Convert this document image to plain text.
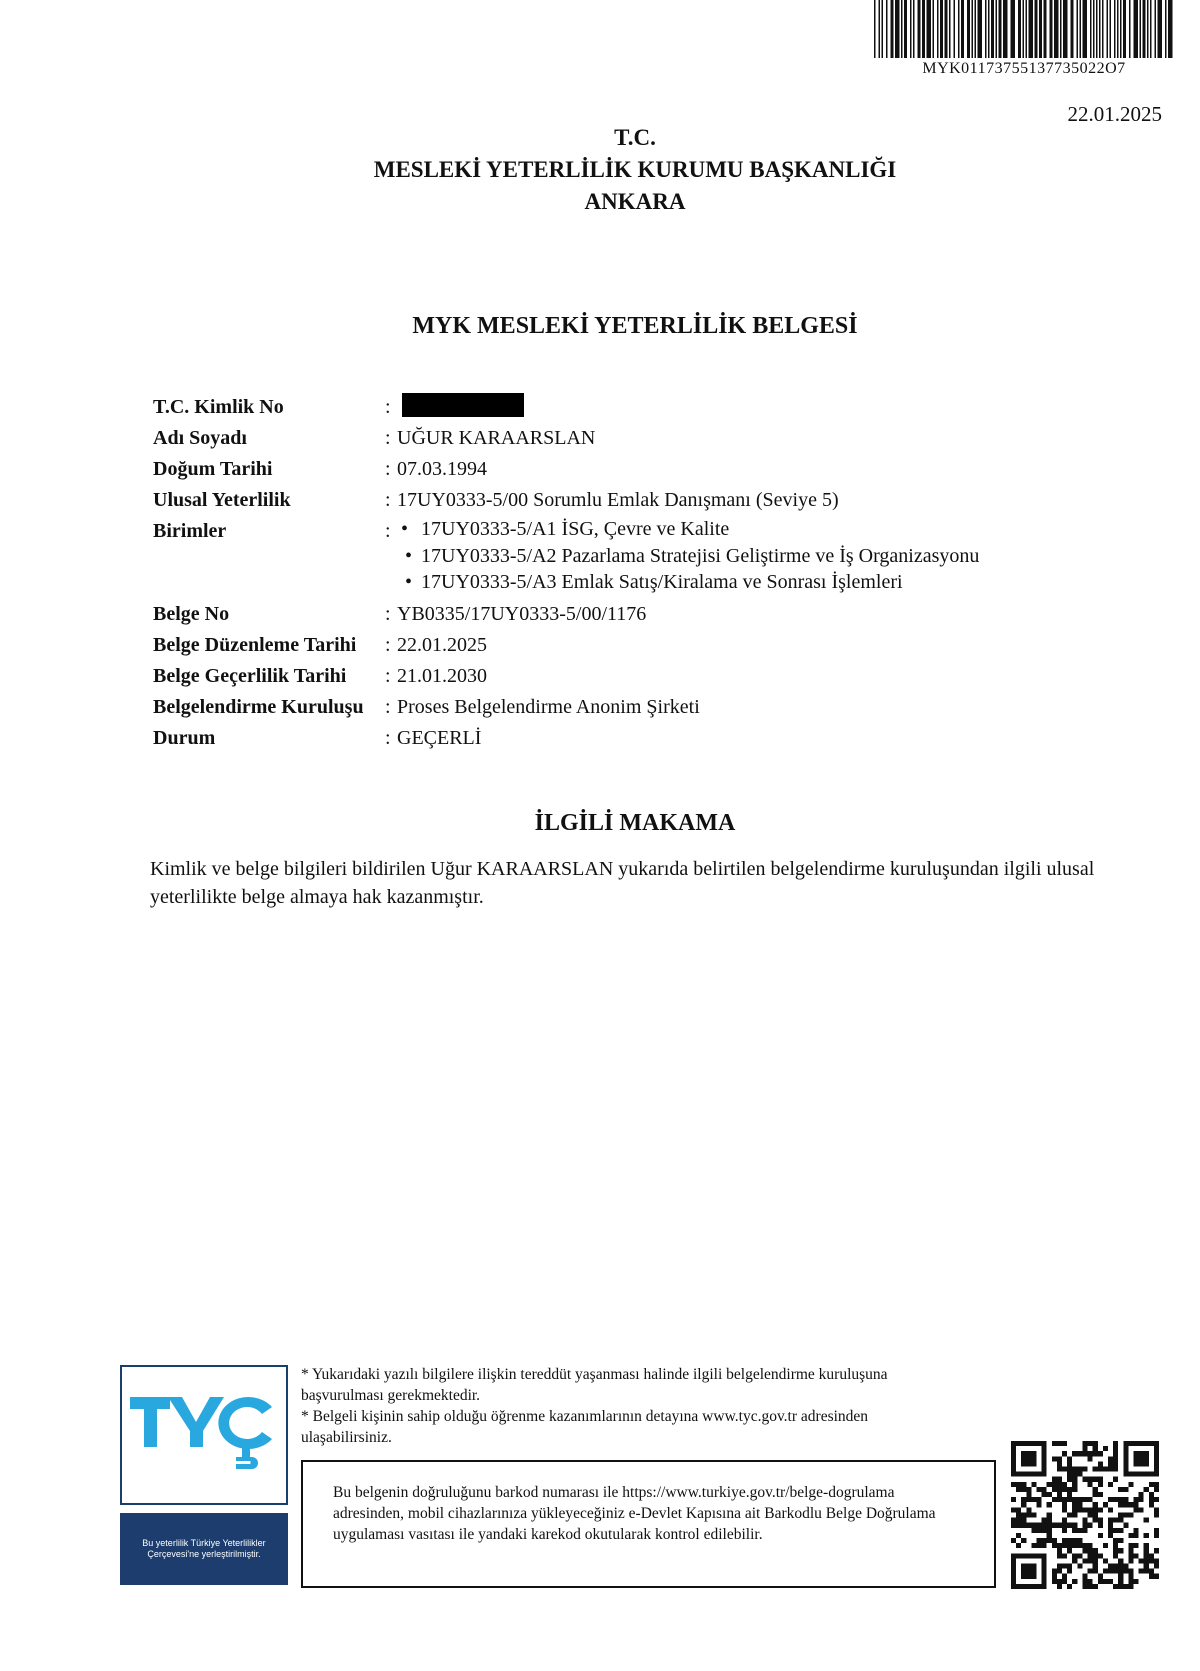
MYK01173755137735022O7
22.01.2025
T.C.
MESLEKİ YETERLİLİK KURUMU BAŞKANLIĞI
ANKARA
MYK MESLEKİ YETERLİLİK BELGESİ
T.C. Kimlik No	:
Adı Soyadı	: UĞUR KARAARSLAN
Doğum Tarihi	: 07.03.1994
Ulusal Yeterlilik	: 17UY0333-5/00 Sorumlu Emlak Danışmanı (Seviye 5)
Birimler	: • 17UY0333-5/A1 İSG, Çevre ve Kalite
• 17UY0333-5/A2 Pazarlama Stratejisi Geliştirme ve İş Organizasyonu
• 17UY0333-5/A3 Emlak Satış/Kiralama ve Sonrası İşlemleri
Belge No	: YB0335/17UY0333-5/00/1176
Belge Düzenleme Tarihi	: 22.01.2025
Belge Geçerlilik Tarihi	: 21.01.2030
Belgelendirme Kuruluşu	: Proses Belgelendirme Anonim Şirketi
Durum	: GEÇERLİ
İLGİLİ MAKAMA
Kimlik ve belge bilgileri bildirilen Uğur KARAARSLAN yukarıda belirtilen belgelendirme kuruluşundan ilgili ulusal yeterlilikte belge almaya hak kazanmıştır.
Bu yeterlilik Türkiye Yeterlilikler Çerçevesi'ne yerleştirilmiştir.
* Yukarıdaki yazılı bilgilere ilişkin tereddüt yaşanması halinde ilgili belgelendirme kuruluşuna başvurulması gerekmektedir.
* Belgeli kişinin sahip olduğu öğrenme kazanımlarının detayına www.tyc.gov.tr adresinden ulaşabilirsiniz.
Bu belgenin doğruluğunu barkod numarası ile https://www.turkiye.gov.tr/belge-dogrulama adresinden, mobil cihazlarınıza yükleyeceğiniz e-Devlet Kapısına ait Barkodlu Belge Doğrulama uygulaması vasıtası ile yandaki karekod okutularak kontrol edilebilir.
